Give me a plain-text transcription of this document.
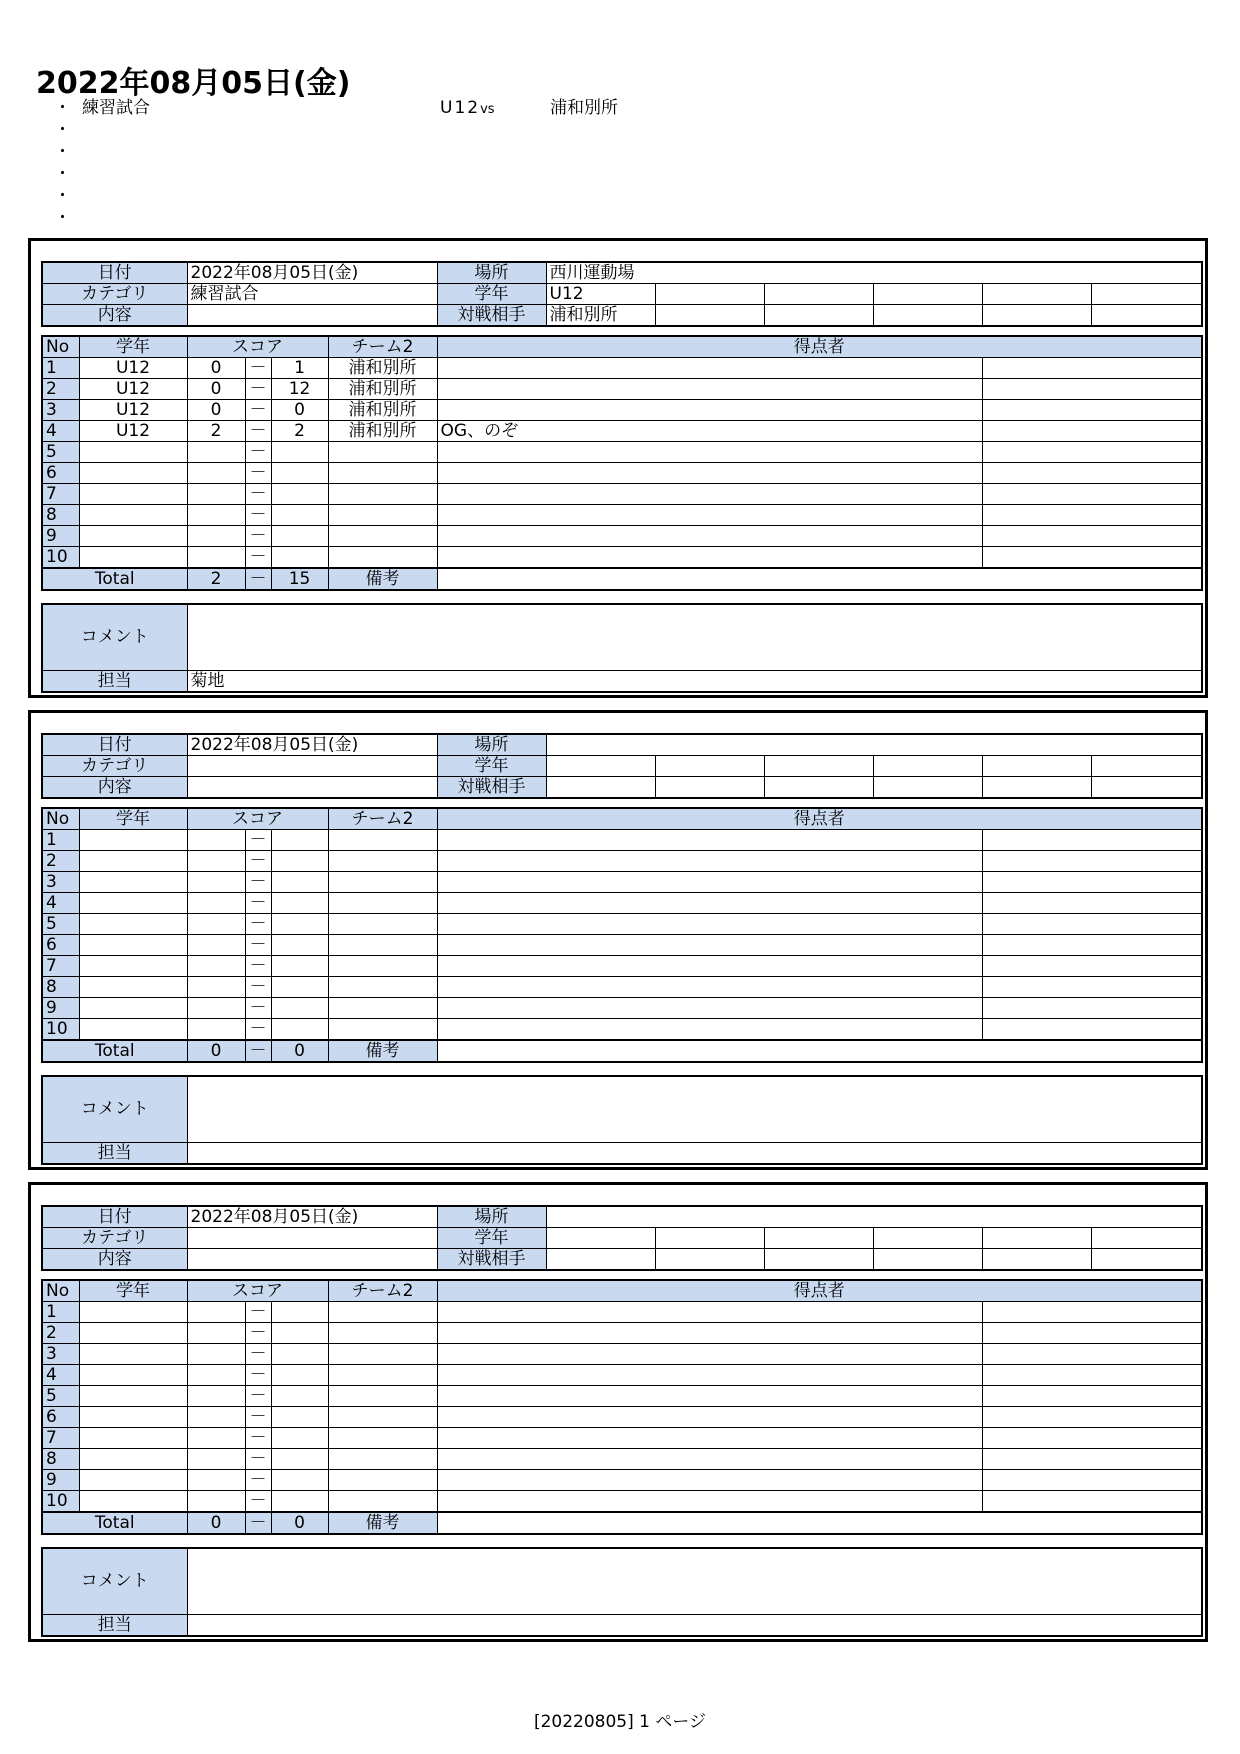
2022年08月05日(金)
・ 練習試合	U12vs	浦和別所
・
・
・
・
・
日付	2022年08月05日(金)	場所	西川運動場					
カテゴリ	練習試合	学年	U12					
内容		対戦相手	浦和別所					
No	学年	スコア			チーム2	得点者	
1	U12	0	－	1	浦和別所		
2	U12	0	－	12	浦和別所		
3	U12	0	－	0	浦和別所		
4	U12	2	－	2	浦和別所	OG、のぞ	
5			－				
6			－				
7			－				
8			－				
9			－				
10			－				
Total		2	－	15	備考		
コメント	
担当	菊地
日付	2022年08月05日(金)	場所						
カテゴリ		学年						
内容		対戦相手						
No	学年	スコア			チーム2	得点者	
1			－				
2			－				
3			－				
4			－				
5			－				
6			－				
7			－				
8			－				
9			－				
10			－				
Total		0	－	0	備考		
コメント	
担当	
日付	2022年08月05日(金)	場所						
カテゴリ		学年						
内容		対戦相手						
No	学年	スコア			チーム2	得点者	
1			－				
2			－				
3			－				
4			－				
5			－				
6			－				
7			－				
8			－				
9			－				
10			－				
Total		0	－	0	備考		
コメント	
担当	
[20220805] 1 ページ
